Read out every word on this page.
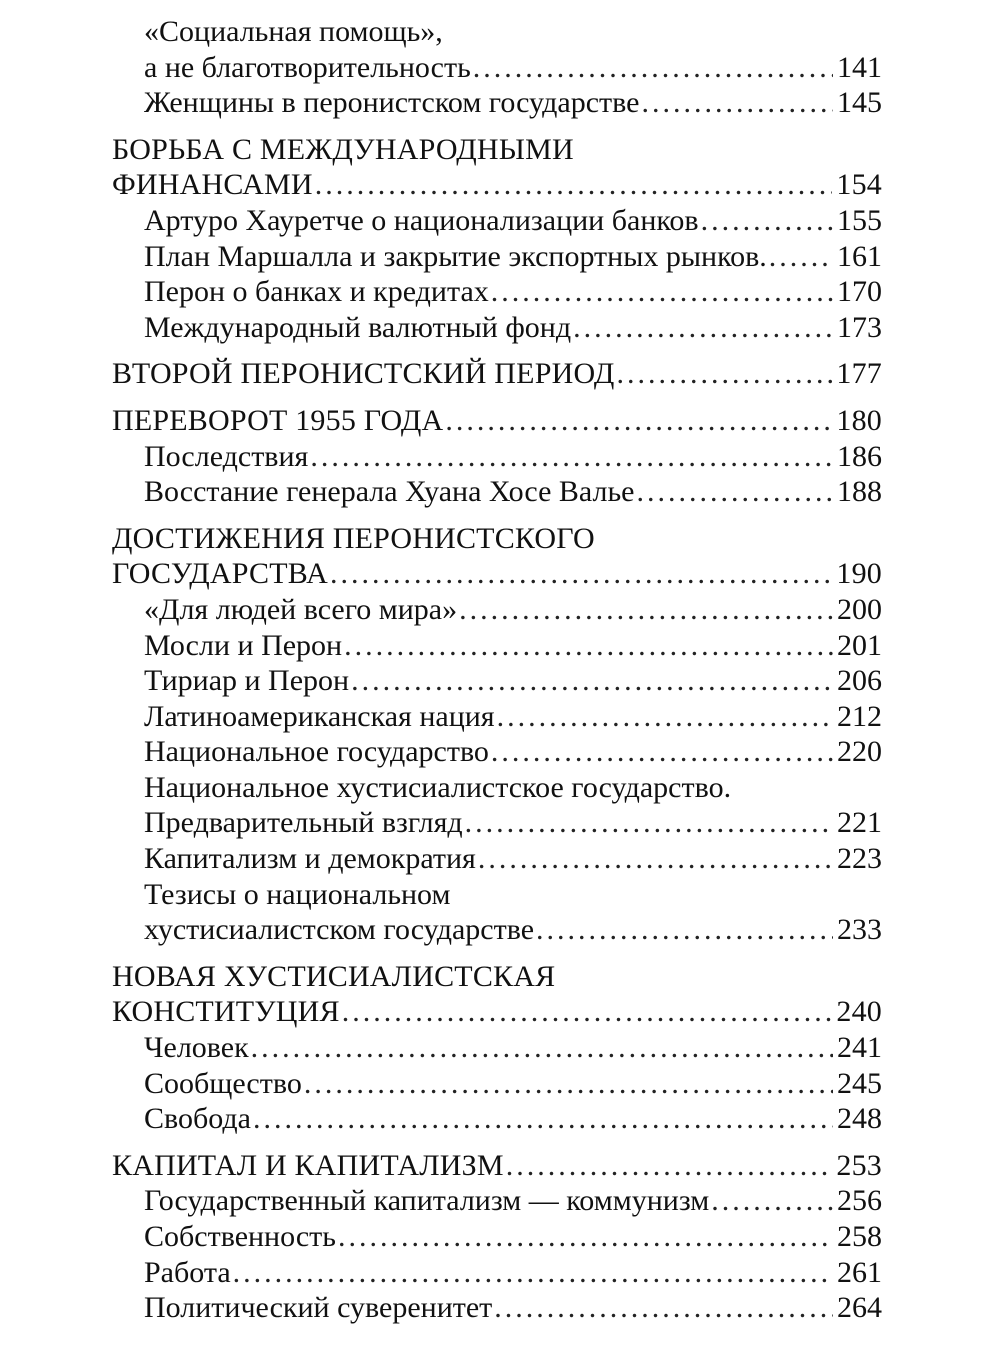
«Социальная помощь»,
а не благотворительность .....	141
Женщины в перонистском государстве .....	145
БОРЬБА С МЕЖДУНАРОДНЫМИ
ФИНАНСАМИ .....	154
Артуро Хауретче о национализации банков .....	155
План Маршалла и закрытие экспортных рынков. ..... 161
Перон о банках и кредитах .....	170
Международный валютный фонд .....	173
ВТОРОЙ ПЕРОНИСТСКИЙ ПЕРИОД .....	177
ПЕРЕВОРОТ 1955 ГОДА .....	180
Последствия .....	186
Восстание генерала Хуана Хосе Валье .....	188
ДОСТИЖЕНИЯ ПЕРОНИСТСКОГО
ГОСУДАРСТВА .....	190
«Для людей всего мира» .....	200
Мосли и Перон .....	201
Тириар и Перон .....	206
Латиноамериканская нация .....	212
Национальное государство .....	220
Национальное хустисиалистское государство.
Предварительный взгляд .....	221
Капитализм и демократия .....	223
Тезисы о национальном
хустисиалистском государстве .....	233
НОВАЯ ХУСТИСИАЛИСТСКАЯ
КОНСТИТУЦИЯ .....	240
Человек .....	241
Сообщество .....	245
Свобода .....	248
КАПИТАЛ И КАПИТАЛИЗМ .....	253
Государственный капитализм — коммунизм .....	256
Собственность .....	258
Работа .....	261
Политический суверенитет .....	264
